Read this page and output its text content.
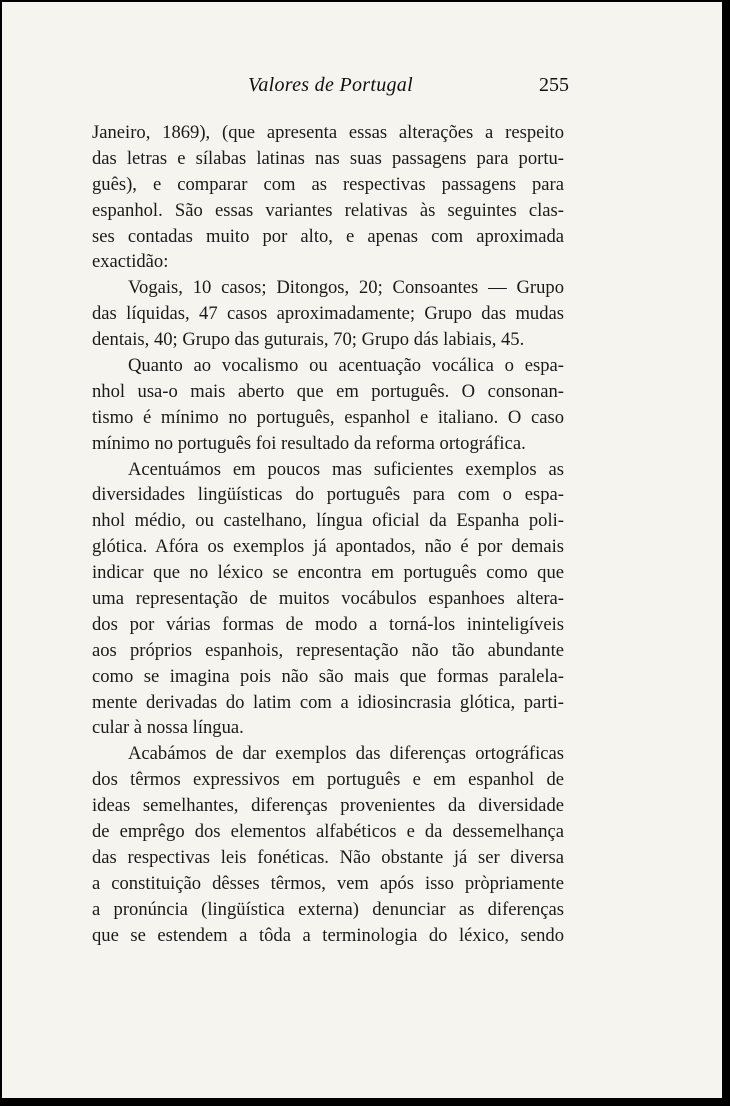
Valores de Portugal	255
Janeiro, 1869), (que apresenta essas alterações a respeito
das letras e sílabas latinas nas suas passagens para portu-
guês), e comparar com as respectivas passagens para
espanhol. São essas variantes relativas às seguintes clas-
ses contadas muito por alto, e apenas com aproximada
exactidão:
Vogais, 10 casos; Ditongos, 20; Consoantes — Grupo
das líquidas, 47 casos aproximadamente; Grupo das mudas
dentais, 40; Grupo das guturais, 70; Grupo dás labiais, 45.
Quanto ao vocalismo ou acentuação vocálica o espa-
nhol usa-o mais aberto que em português. O consonan-
tismo é mínimo no português, espanhol e italiano. O caso
mínimo no português foi resultado da reforma ortográfica.
Acentuámos em poucos mas suficientes exemplos as
diversidades lingüísticas do português para com o espa-
nhol médio, ou castelhano, língua oficial da Espanha poli-
glótica. Afóra os exemplos já apontados, não é por demais
indicar que no léxico se encontra em português como que
uma representação de muitos vocábulos espanhoes altera-
dos por várias formas de modo a torná-los ininteligíveis
aos próprios espanhois, representação não tão abundante
como se imagina pois não são mais que formas paralela-
mente derivadas do latim com a idiosincrasia glótica, parti-
cular à nossa língua.
Acabámos de dar exemplos das diferenças ortográficas
dos têrmos expressivos em português e em espanhol de
ideas semelhantes, diferenças provenientes da diversidade
de emprêgo dos elementos alfabéticos e da dessemelhança
das respectivas leis fonéticas. Não obstante já ser diversa
a constituição dêsses têrmos, vem após isso pròpriamente
a pronúncia (lingüística externa) denunciar as diferenças
que se estendem a tôda a terminologia do léxico, sendo
